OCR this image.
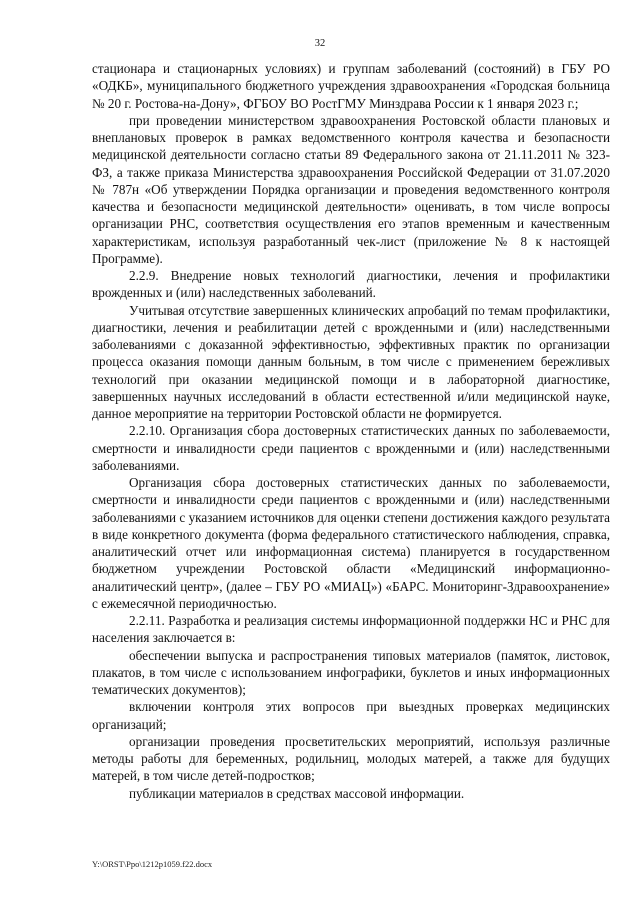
32

стационара и стационарных условиях) и группам заболеваний (состояний) в ГБУ РО «ОДКБ», муниципального бюджетного учреждения здравоохранения «Городская больница № 20 г. Ростова-на-Дону», ФГБОУ ВО РостГМУ Минздрава России к 1 января 2023 г.;

при проведении министерством здравоохранения Ростовской области плановых и внеплановых проверок в рамках ведомственного контроля качества и безопасности медицинской деятельности согласно статьи 89 Федерального закона от 21.11.2011 № 323-ФЗ, а также приказа Министерства здравоохранения Российской Федерации от 31.07.2020 № 787н «Об утверждении Порядка организации и проведения ведомственного контроля качества и безопасности медицинской деятельности» оценивать, в том числе вопросы организации РНС, соответствия осуществления его этапов временным и качественным характеристикам, используя разработанный чек-лист (приложение № 8 к настоящей Программе).

2.2.9. Внедрение новых технологий диагностики, лечения и профилактики врожденных и (или) наследственных заболеваний.

Учитывая отсутствие завершенных клинических апробаций по темам профилактики, диагностики, лечения и реабилитации детей с врожденными и (или) наследственными заболеваниями с доказанной эффективностью, эффективных практик по организации процесса оказания помощи данным больным, в том числе с применением бережливых технологий при оказании медицинской помощи и в лабораторной диагностике, завершенных научных исследований в области естественной и/или медицинской науке, данное мероприятие на территории Ростовской области не формируется.

2.2.10. Организация сбора достоверных статистических данных по заболеваемости, смертности и инвалидности среди пациентов с врожденными и (или) наследственными заболеваниями.

Организация сбора достоверных статистических данных по заболеваемости, смертности и инвалидности среди пациентов с врожденными и (или) наследственными заболеваниями с указанием источников для оценки степени достижения каждого результата в виде конкретного документа (форма федерального статистического наблюдения, справка, аналитический отчет или информационная система) планируется в государственном бюджетном учреждении Ростовской области «Медицинский информационно-аналитический центр», (далее – ГБУ РО «МИАЦ») «БАРС. Мониторинг-Здравоохранение» с ежемесячной периодичностью.

2.2.11. Разработка и реализация системы информационной поддержки НС и РНС для населения заключается в:

обеспечении выпуска и распространения типовых материалов (памяток, листовок, плакатов, в том числе с использованием инфографики, буклетов и иных информационных тематических документов);

включении контроля этих вопросов при выездных проверках медицинских организаций;

организации проведения просветительских мероприятий, используя различные методы работы для беременных, родильниц, молодых матерей, а также для будущих матерей, в том числе детей-подростков;

публикации материалов в средствах массовой информации.

Y:\ORST\Ppo\1212p1059.f22.docx
